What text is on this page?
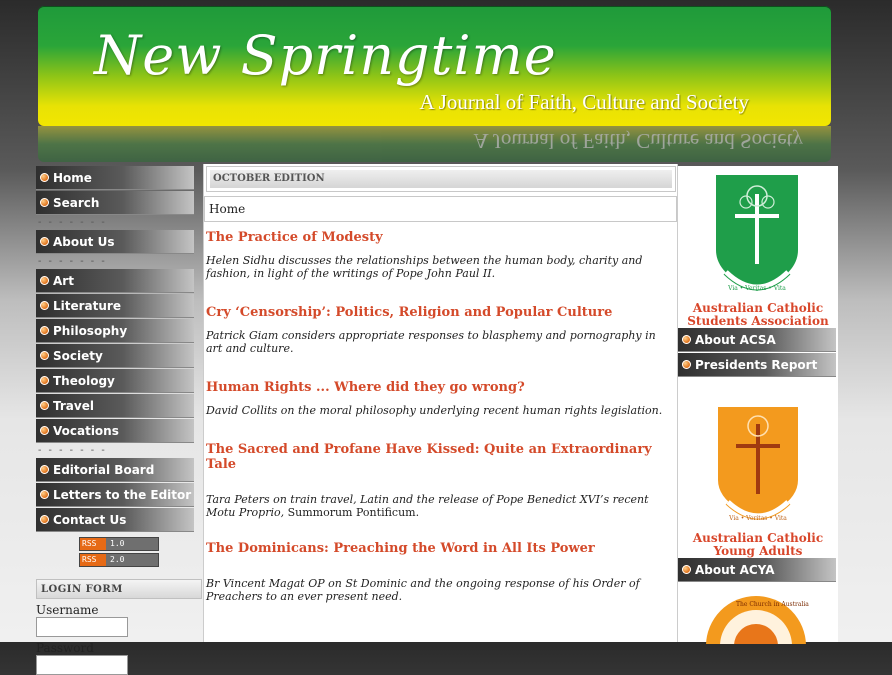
New Springtime
A Journal of Faith, Culture and Society
A Journal of Faith, Culture and Society
Home
Search
- - - - - - -
About Us
- - - - - - -
Art
Literature
Philosophy
Society
Theology
Travel
Vocations
- - - - - - -
Editorial Board
Letters to the Editor
Contact Us
RSS 1.0
RSS 2.0
LOGIN FORM
Username
Password
OCTOBER EDITION
Home
The Practice of Modesty

Helen Sidhu discusses the relationships between the human body, charity and fashion, in light of the writings of Pope John Paul II.

Cry ‘Censorship’: Politics, Religion and Popular Culture

Patrick Giam considers appropriate responses to blasphemy and pornography in art and culture.

Human Rights ... Where did they go wrong?

David Collits on the moral philosophy underlying recent human rights legislation.

The Sacred and Profane Have Kissed: Quite an Extraordinary Tale

Tara Peters on train travel, Latin and the release of Pope Benedict XVI’s recent Motu Proprio, Summorum Pontificum.

The Dominicans: Preaching the Word in All Its Power

Br Vincent Magat OP on St Dominic and the ongoing response of his Order of Preachers to an ever present need.

Via • Veritas • Vita
Australian Catholic Students Association
About ACSA
Presidents Report
Via • Veritas • Vita
Australian Catholic Young Adults
About ACYA
The Church in Australia
